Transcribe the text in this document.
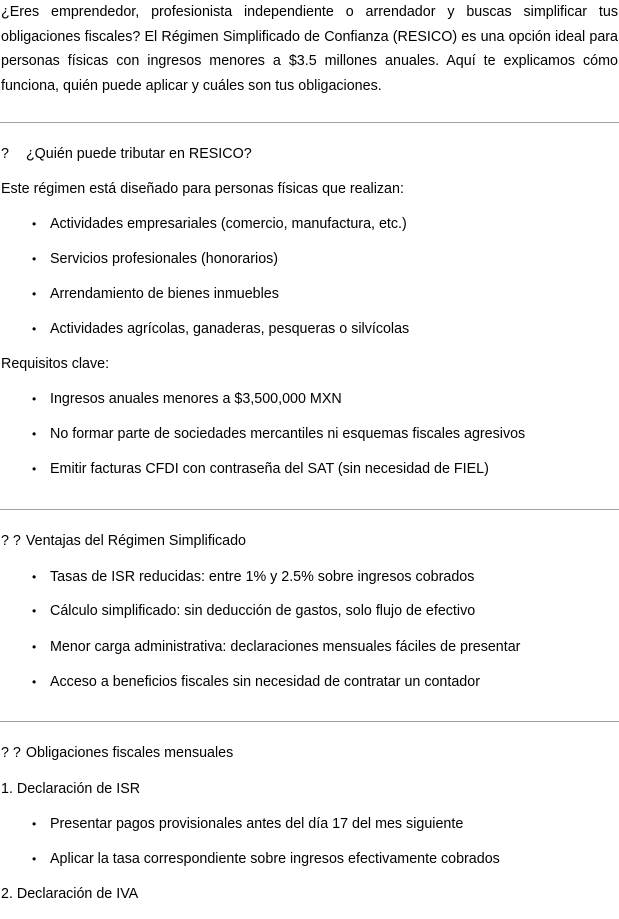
¿Eres emprendedor, profesionista independiente o arrendador y buscas simplificar tus obligaciones fiscales? El Régimen Simplificado de Confianza (RESICO) es una opción ideal para personas físicas con ingresos menores a $3.5 millones anuales. Aquí te explicamos cómo funciona, quién puede aplicar y cuáles son tus obligaciones.
? ¿Quién puede tributar en RESICO?
Este régimen está diseñado para personas físicas que realizan:
• Actividades empresariales (comercio, manufactura, etc.)
• Servicios profesionales (honorarios)
• Arrendamiento de bienes inmuebles
• Actividades agrícolas, ganaderas, pesqueras o silvícolas
Requisitos clave:
• Ingresos anuales menores a $3,500,000 MXN
• No formar parte de sociedades mercantiles ni esquemas fiscales agresivos
• Emitir facturas CFDI con contraseña del SAT (sin necesidad de FIEL)
? ? Ventajas del Régimen Simplificado
• Tasas de ISR reducidas: entre 1% y 2.5% sobre ingresos cobrados
• Cálculo simplificado: sin deducción de gastos, solo flujo de efectivo
• Menor carga administrativa: declaraciones mensuales fáciles de presentar
• Acceso a beneficios fiscales sin necesidad de contratar un contador
? ? Obligaciones fiscales mensuales
1. Declaración de ISR
• Presentar pagos provisionales antes del día 17 del mes siguiente
• Aplicar la tasa correspondiente sobre ingresos efectivamente cobrados
2. Declaración de IVA
